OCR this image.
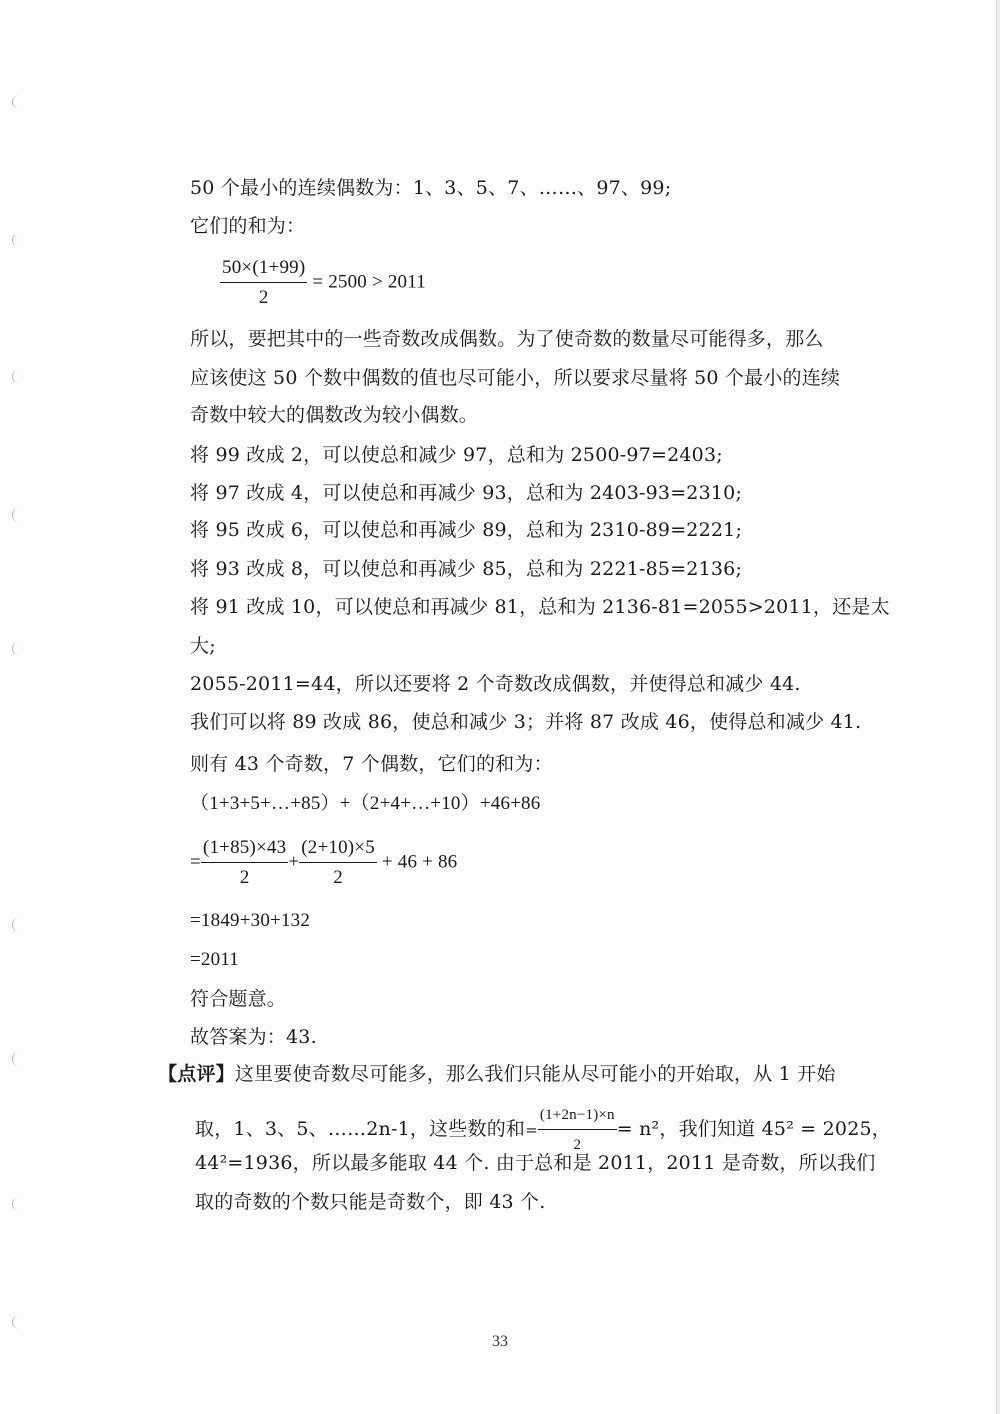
50 个最小的连续偶数为：1、3、5、7、……、97、99;
它们的和为：
$\frac{50\times(1+99)}{2} = 2500 > 2011$
所以，要把其中的一些奇数改成偶数。为了使奇数的数量尽可能得多，那么
应该使这 50 个数中偶数的值也尽可能小，所以要求尽量将 50 个最小的连续
奇数中较大的偶数改为较小偶数。
将 99 改成 2，可以使总和减少 97，总和为 2500-97=2403;
将 97 改成 4，可以使总和再减少 93，总和为 2403-93=2310;
将 95 改成 6，可以使总和再减少 89，总和为 2310-89=2221;
将 93 改成 8，可以使总和再减少 85，总和为 2221-85=2136;
将 91 改成 10，可以使总和再减少 81，总和为 2136-81=2055>2011，还是太
大;
2055-2011=44，所以还要将 2 个奇数改成偶数，并使得总和减少 44.
我们可以将 89 改成 86，使总和减少 3；并将 87 改成 46，使得总和减少 41.
则有 43 个奇数，7 个偶数，它们的和为：
（1+3+5+…+85）+（2+4+…+10）+46+86
= $\frac{(1+85)\times 43}{2} + \frac{(2+10)\times 5}{2} + 46 + 86$
=1849+30+132
=2011
符合题意。
故答案为：43.
【点评】这里要使奇数尽可能多，那么我们只能从尽可能小的开始取，从 1 开始
取，1、3、5、……2n-1，这些数的和= $\frac{(1+2n-1)\times n}{2} = n^2$，我们知道 45² = 2025，
44²=1936，所以最多能取 44 个. 由于总和是 2011，2011 是奇数，所以我们
取的奇数的个数只能是奇数个，即 43 个.
33
